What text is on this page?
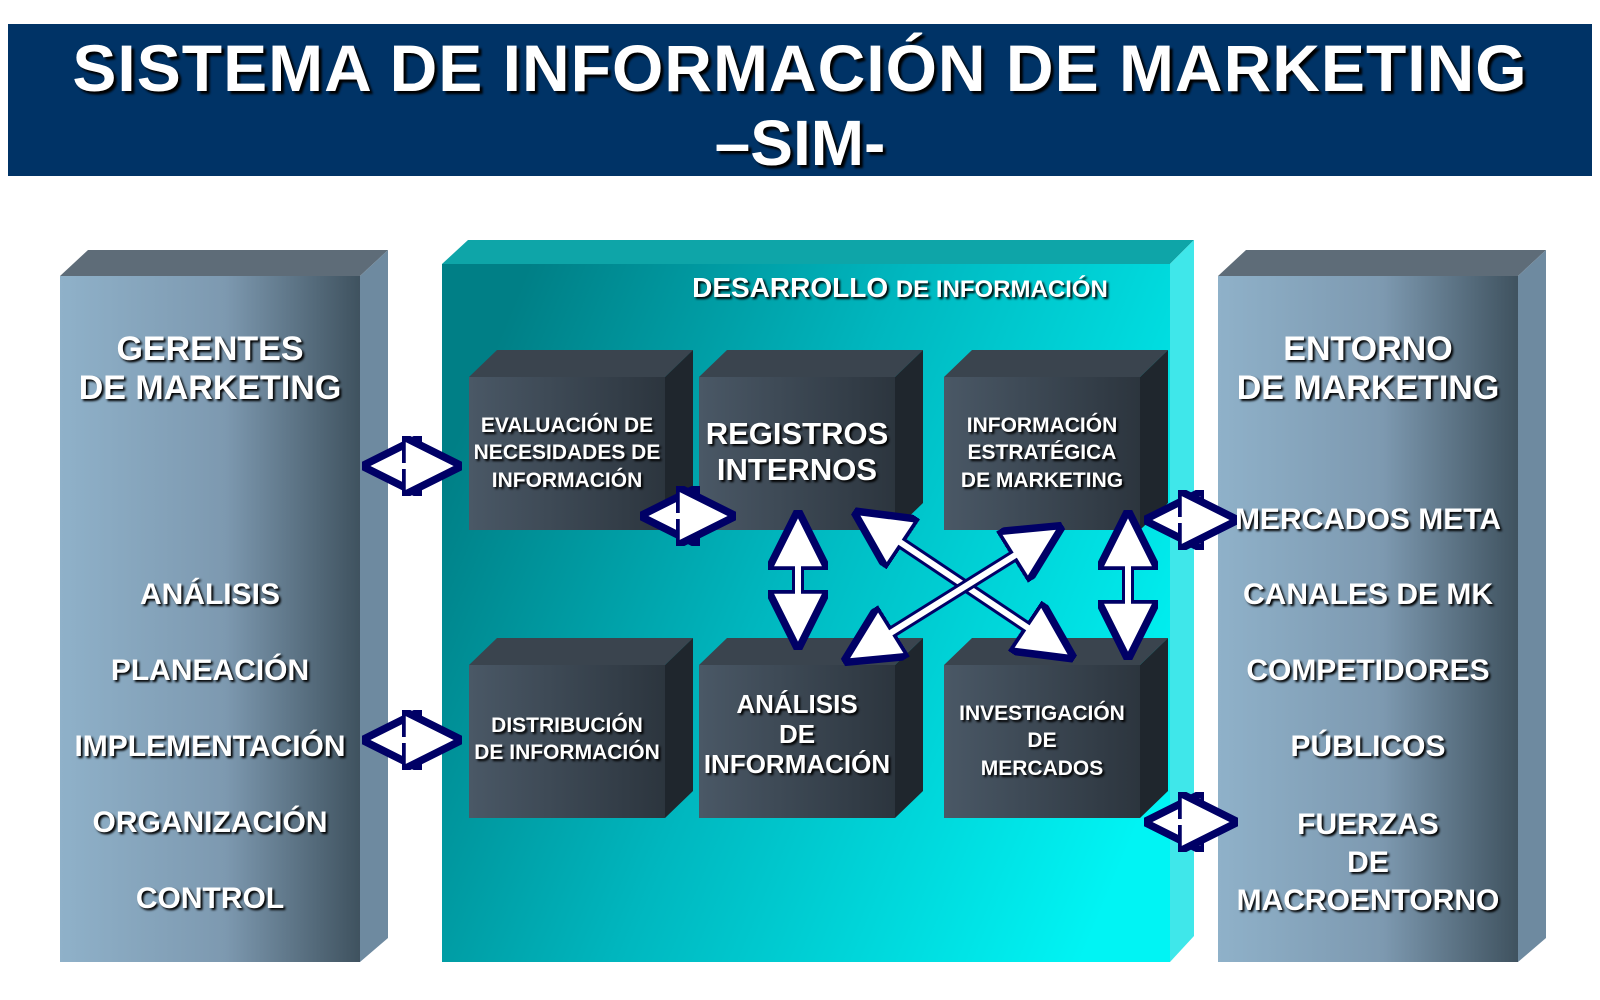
SISTEMA DE INFORMACIÓN DE MARKETING
–SIM-
GERENTES
DE MARKETING
ANÁLISIS
PLANEACIÓN
IMPLEMENTACIÓN
ORGANIZACIÓN
CONTROL
DESARROLLO DE INFORMACIÓN
EVALUACIÓN DE
NECESIDADES DE
INFORMACIÓN
REGISTROS
INTERNOS
INFORMACIÓN
ESTRATÉGICA
DE MARKETING
DISTRIBUCIÓN
DE INFORMACIÓN
ANÁLISIS
DE
INFORMACIÓN
INVESTIGACIÓN
DE
MERCADOS
ENTORNO
DE MARKETING
MERCADOS META
CANALES DE MK
COMPETIDORES
PÚBLICOS
FUERZAS
DE
MACROENTORNO
